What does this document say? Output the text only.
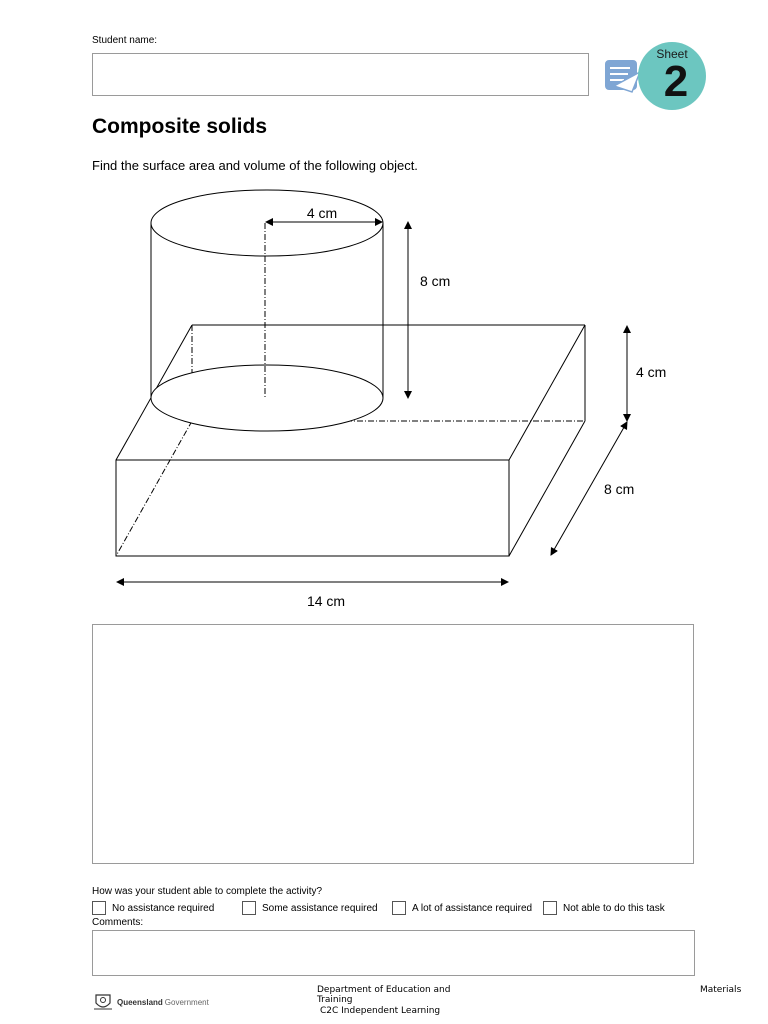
Student name:
Sheet
2
Composite solids
Find the surface area and volume of the following object.
4 cm
8 cm
4 cm
8 cm
14 cm
How was your student able to complete the activity?
No assistance required	Some assistance required	A lot of assistance required	Not able to do this task
Comments:
Queensland Government
Department of Education and Training
C2C Independent Learning
Materials
